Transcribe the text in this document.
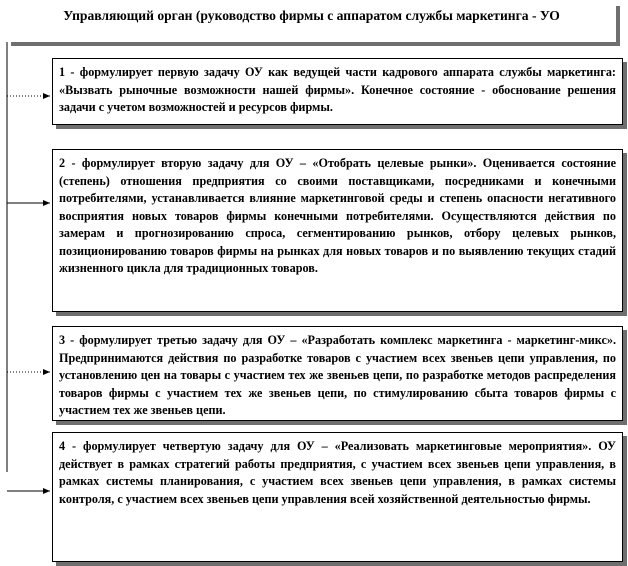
Управляющий орган (руководство фирмы с аппаратом службы маркетинга - УО
1 - формулирует первую задачу ОУ как ведущей части кадрового аппарата службы маркетинга: «Вызвать рыночные возможности нашей фирмы». Конечное состояние - обоснование решения задачи с учетом возможностей и ресурсов фирмы.
2 - формулирует вторую задачу для ОУ – «Отобрать целевые рынки». Оценивается состояние (степень) отношения предприятия со своими поставщиками, посредниками и конечными потребителями, устанавливается влияние маркетинговой среды и степень опасности негативного восприятия новых товаров фирмы конечными потребителями. Осуществляются действия по замерам и прогнозированию спроса, сегментированию рынков, отбору целевых рынков, позиционированию товаров фирмы на рынках для новых товаров и по выявлению текущих стадий жизненного цикла для традиционных товаров.
3 - формулирует третью задачу для ОУ – «Разработать комплекс маркетинга - маркетинг-микс». Предпринимаются действия по разработке товаров с участием всех звеньев цепи управления, по установлению цен на товары с участием тех же звеньев цепи, по разработке методов распределения товаров фирмы с участием тех же звеньев цепи, по стимулированию сбыта товаров фирмы с участием тех же звеньев цепи.
4 - формулирует четвертую задачу для ОУ – «Реализовать маркетинговые мероприятия». ОУ действует в рамках стратегий работы предприятия, с участием всех звеньев цепи управления, в рамках системы планирования, с участием всех звеньев цепи управления, в рамках системы контроля, с участием всех звеньев цепи управления всей хозяйственной деятельностью фирмы.
